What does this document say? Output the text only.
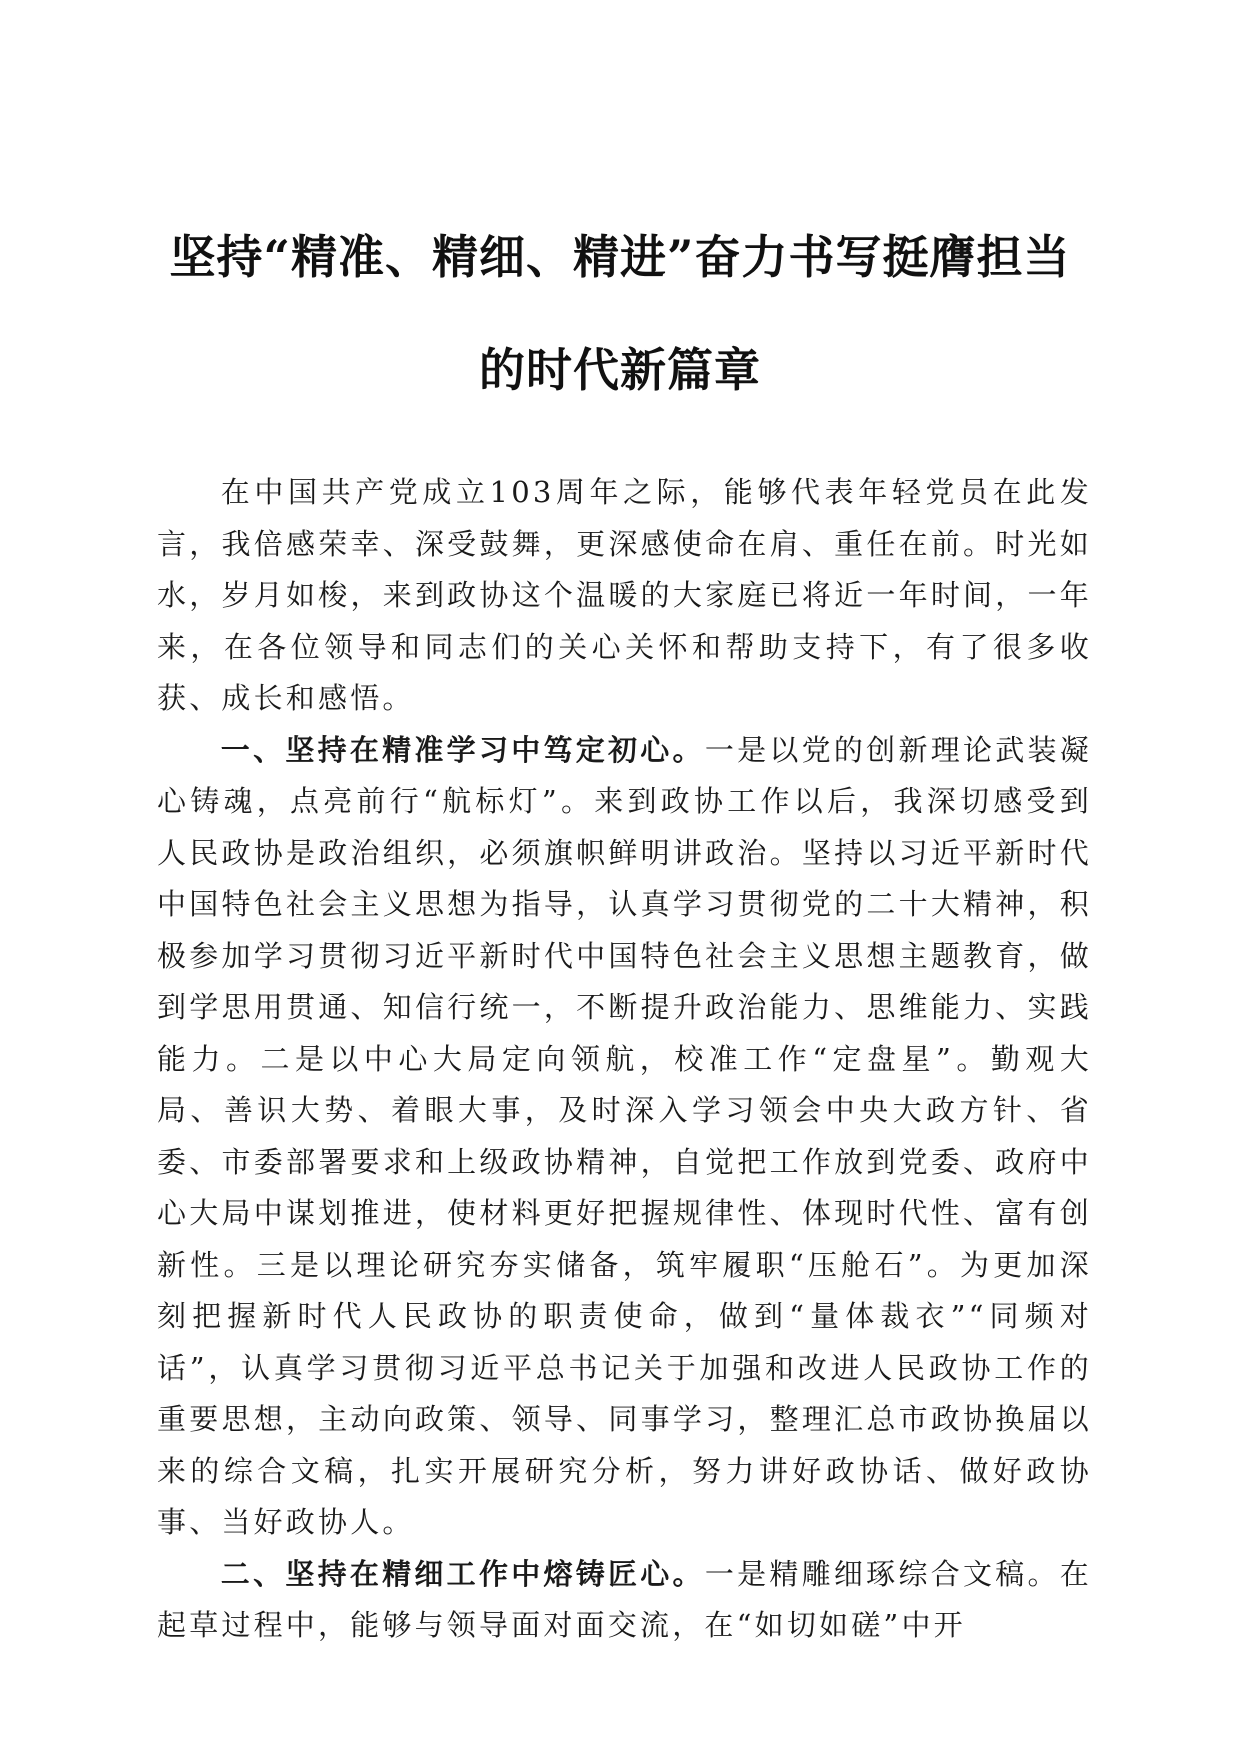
坚持“精准、精细、精进”奋力书写挺膺担当
的时代新篇章

在中国共产党成立103周年之际，能够代表年轻党员在此发言，我倍感荣幸、深受鼓舞，更深感使命在肩、重任在前。时光如水，岁月如梭，来到政协这个温暖的大家庭已将近一年时间，一年来，在各位领导和同志们的关心关怀和帮助支持下，有了很多收获、成长和感悟。

一、坚持在精准学习中笃定初心。一是以党的创新理论武装凝心铸魂，点亮前行“航标灯”。来到政协工作以后，我深切感受到人民政协是政治组织，必须旗帜鲜明讲政治。坚持以习近平新时代中国特色社会主义思想为指导，认真学习贯彻党的二十大精神，积极参加学习贯彻习近平新时代中国特色社会主义思想主题教育，做到学思用贯通、知信行统一，不断提升政治能力、思维能力、实践能力。二是以中心大局定向领航，校准工作“定盘星”。勤观大局、善识大势、着眼大事，及时深入学习领会中央大政方针、省委、市委部署要求和上级政协精神，自觉把工作放到党委、政府中心大局中谋划推进，使材料更好把握规律性、体现时代性、富有创新性。三是以理论研究夯实储备，筑牢履职“压舱石”。为更加深刻把握新时代人民政协的职责使命，做到“量体裁衣”“同频对话”，认真学习贯彻习近平总书记关于加强和改进人民政协工作的重要思想，主动向政策、领导、同事学习，整理汇总市政协换届以来的综合文稿，扎实开展研究分析，努力讲好政协话、做好政协事、当好政协人。

二、坚持在精细工作中熔铸匠心。一是精雕细琢综合文稿。在起草过程中，能够与领导面对面交流，在“如切如磋”中开
